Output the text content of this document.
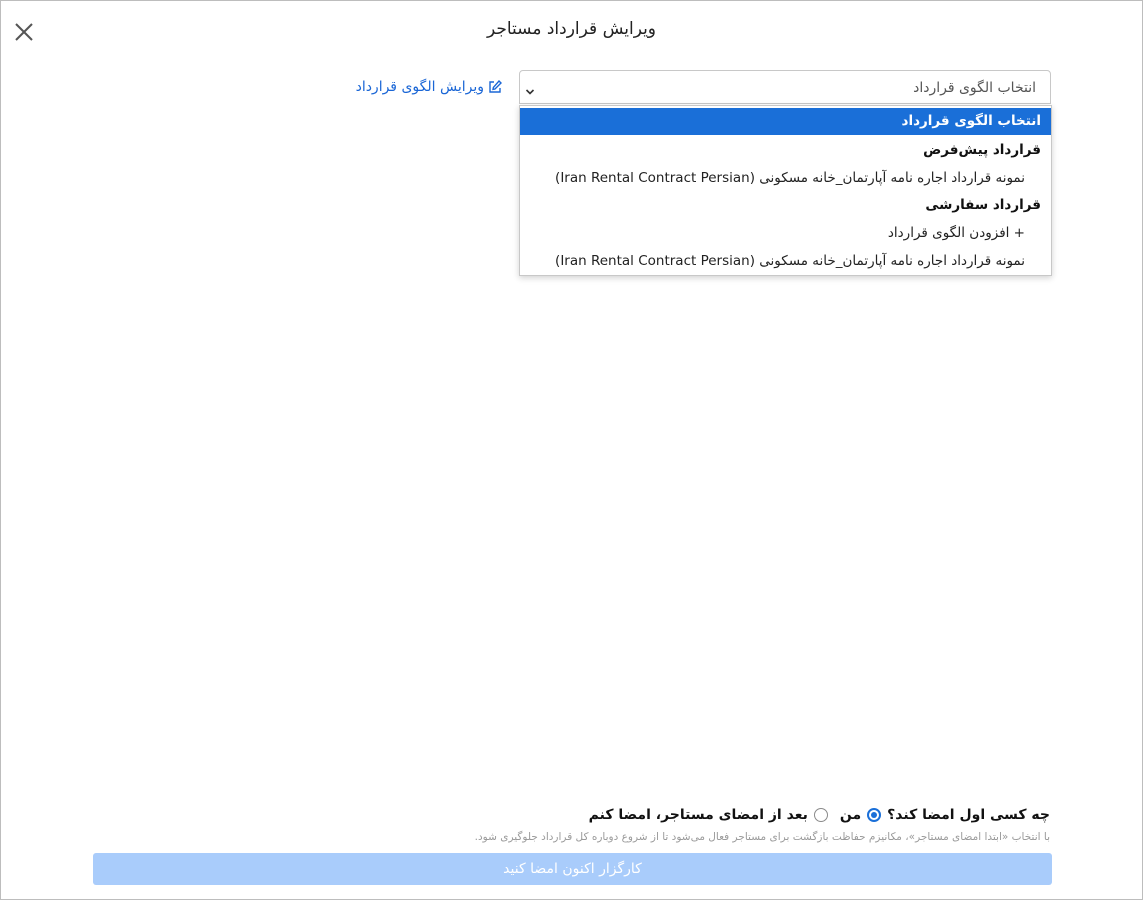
ویرایش قرارداد مستاجر
ویرایش الگوی قرارداد	انتخاب الگوی قرارداد
انتخاب الگوی قرارداد
قرارداد پیش‌فرض
نمونه قرارداد اجاره نامه آپارتمان_خانه مسکونی (Iran Rental Contract Persian)
قرارداد سفارشی
+ افزودن الگوی قرارداد
نمونه قرارداد اجاره نامه آپارتمان_خانه مسکونی (Iran Rental Contract Persian)
چه کسی اول امضا کند؟
من
بعد از امضای مستاجر، امضا کنم
با انتخاب «ابتدا امضای مستاجر»، مکانیزم حفاظت بازگشت برای مستاجر فعال می‌شود تا از شروع دوباره کل قرارداد جلوگیری شود.
کارگزار اکنون امضا کنید
